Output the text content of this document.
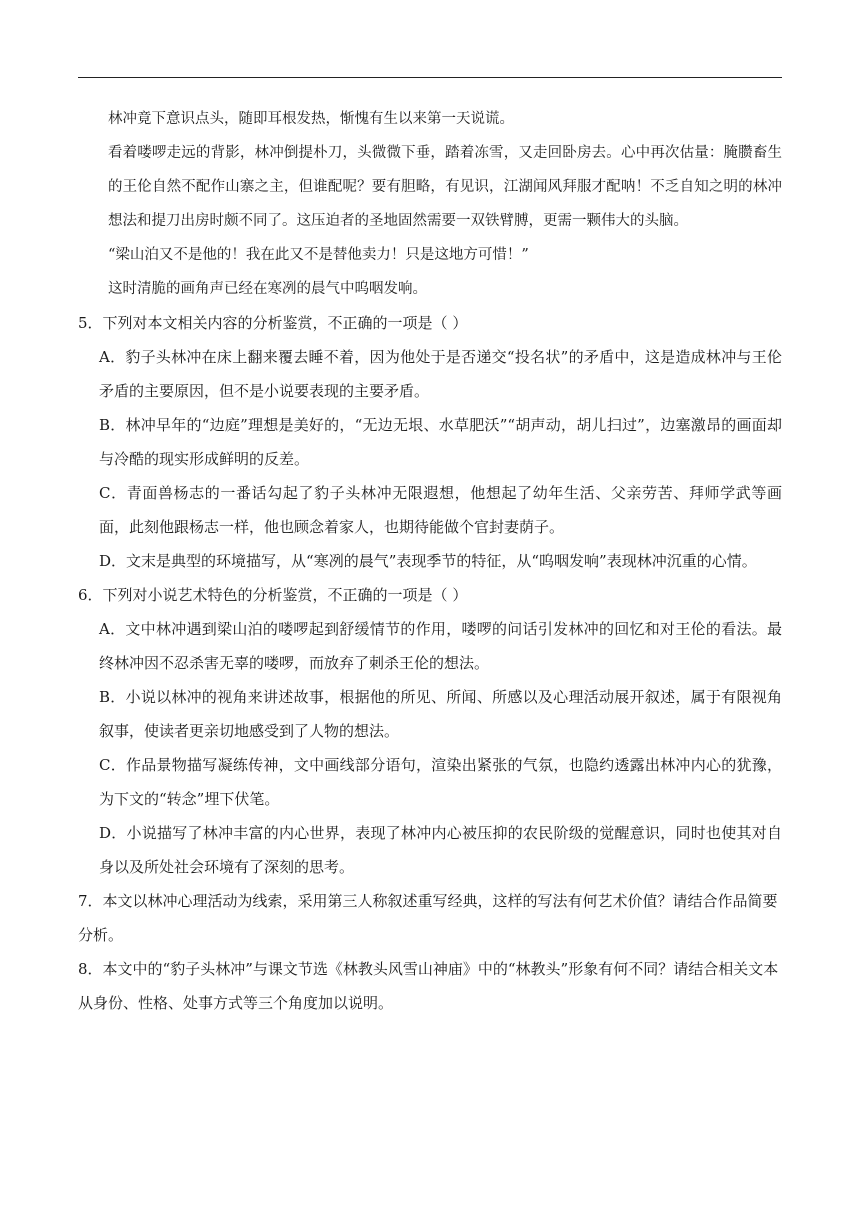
林冲竟下意识点头，随即耳根发热，惭愧有生以来第一天说谎。
看着喽啰走远的背影，林冲倒提朴刀，头微微下垂，踏着冻雪，又走回卧房去。心中再次估量：腌臜畜生的王伦自然不配作山寨之主，但谁配呢？要有胆略，有见识，江湖闻风拜服才配呐！不乏自知之明的林冲想法和提刀出房时颇不同了。这压迫者的圣地固然需要一双铁臂膊，更需一颗伟大的头脑。
“梁山泊又不是他的！我在此又不是替他卖力！只是这地方可惜！”
这时清脆的画角声已经在寒冽的晨气中呜咽发响。
5．下列对本文相关内容的分析鉴赏，不正确的一项是（ ）
A．豹子头林冲在床上翻来覆去睡不着，因为他处于是否递交“投名状”的矛盾中，这是造成林冲与王伦矛盾的主要原因，但不是小说要表现的主要矛盾。
B．林冲早年的“边庭”理想是美好的，“无边无垠、水草肥沃”“胡声动，胡儿扫过”，边塞激昂的画面却与冷酷的现实形成鲜明的反差。
C．青面兽杨志的一番话勾起了豹子头林冲无限遐想，他想起了幼年生活、父亲劳苦、拜师学武等画面，此刻他跟杨志一样，他也顾念着家人，也期待能做个官封妻荫子。
D．文末是典型的环境描写，从“寒冽的晨气”表现季节的特征，从“呜咽发响”表现林冲沉重的心情。
6．下列对小说艺术特色的分析鉴赏，不正确的一项是（ ）
A．文中林冲遇到梁山泊的喽啰起到舒缓情节的作用，喽啰的问话引发林冲的回忆和对王伦的看法。最终林冲因不忍杀害无辜的喽啰，而放弃了刺杀王伦的想法。
B．小说以林冲的视角来讲述故事，根据他的所见、所闻、所感以及心理活动展开叙述，属于有限视角叙事，使读者更亲切地感受到了人物的想法。
C．作品景物描写凝练传神，文中画线部分语句，渲染出紧张的气氛，也隐约透露出林冲内心的犹豫，为下文的“转念”埋下伏笔。
D．小说描写了林冲丰富的内心世界，表现了林冲内心被压抑的农民阶级的觉醒意识，同时也使其对自身以及所处社会环境有了深刻的思考。
7．本文以林冲心理活动为线索，采用第三人称叙述重写经典，这样的写法有何艺术价值？请结合作品简要分析。
8．本文中的“豹子头林冲”与课文节选《林教头风雪山神庙》中的“林教头”形象有何不同？请结合相关文本从身份、性格、处事方式等三个角度加以说明。
